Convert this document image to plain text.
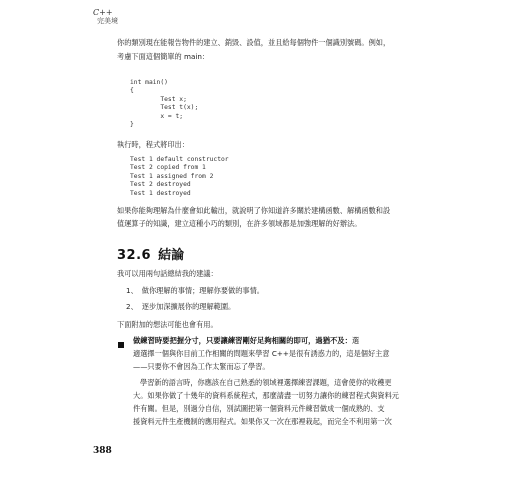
C++
完美境

你的類別現在能報告物件的建立、銷毀、設值，並且給每個物件一個識別號碼。例如，

考慮下面這個簡單的 main：

int main()
{
Test x;
Test t(x);
x = t;
}

執行時，程式將印出：

Test 1 default constructor
Test 2 copied from 1
Test 1 assigned from 2
Test 2 destroyed
Test 1 destroyed

如果你能夠理解為什麼會如此輸出，就說明了你知道許多關於建構函數、解構函數和設

值運算子的知識，建立這種小巧的類別，在許多領域都是加強理解的好辦法。

32.6 結論

我可以用兩句話總結我的建議：

1、 做你理解的事情；理解你要做的事情。
2、 逐步加深擴展你的理解範圍。

下面附加的想法可能也會有用。

做練習時要把握分寸，只要讓練習剛好足夠相關的即可，過猶不及：選

適選擇一個與你目前工作相關的問題來學習 C++是很有誘惑力的，這是個好主意

——只要你不會因為工作太緊而忘了學習。

學習新的語言時，你應該在自己熟悉的領域裡選擇練習課題，這會使你的收穫更

大。如果你做了十幾年的資料系統程式，那麼請盡一切努力讓你的練習程式與資料元

件有關。但是，別過分自信，別試圖把第一個資料元件練習做成一個成熟的、支

援資料元件生產機制的應用程式。如果你又一次在那裡栽起，而完全不利用第一次

388
